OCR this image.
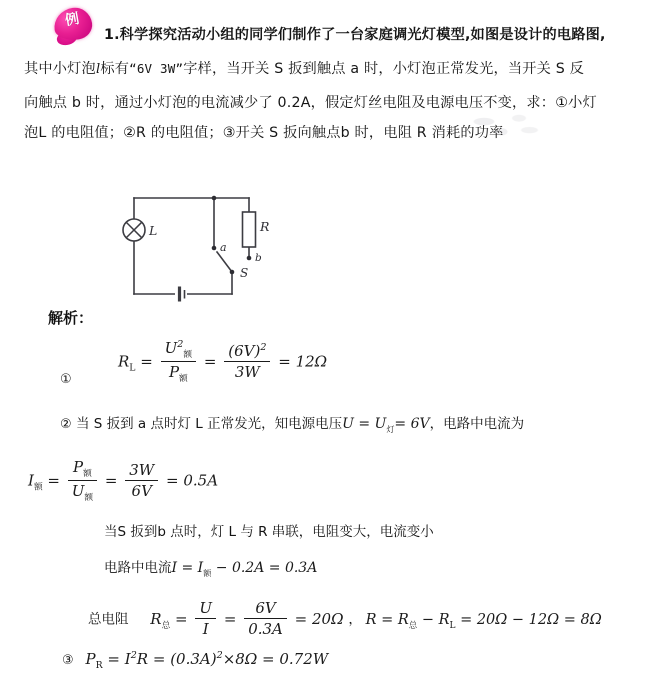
例
1.科学探究活动小组的同学们制作了一台家庭调光灯模型,如图是设计的电路图,
其中小灯泡l标有“6V 3W”字样，当开关 S 扳到触点 a 时，小灯泡正常发光，当开关 S 反
向触点 b 时，通过小灯泡的电流减少了 0.2A，假定灯丝电阻及电源电压不变，求：①小灯
泡L 的电阻值；②R 的电阻值；③开关 S 扳向触点b 时，电阻 R 消耗的功率
L	R
a
b
S
解析：
$R_L = \frac{U^2_额}{P_额} = \frac{(6V)^2}{3W} = 12\Omega$
①
② 当 S 扳到 a 点时灯 L 正常发光，知电源电压$U = U_灯= 6V$，电路中电流为
$I_额 = \frac{P_额}{U_额} = \frac{3W}{6V} = 0.5A$
当S 扳到b 点时，灯 L 与 R 串联，电阻变大，电流变小
电路中电流$I = I_额 - 0.2A = 0.3A$
总电阻 $R_总 = \frac{U}{I} = \frac{6V}{0.3A} = 20\Omega$ ， $R = R_总 - R_L = 20\Omega - 12\Omega = 8\Omega$
③ $P_R = I^2R = (0.3A)^2\times 8\Omega = 0.72W$
